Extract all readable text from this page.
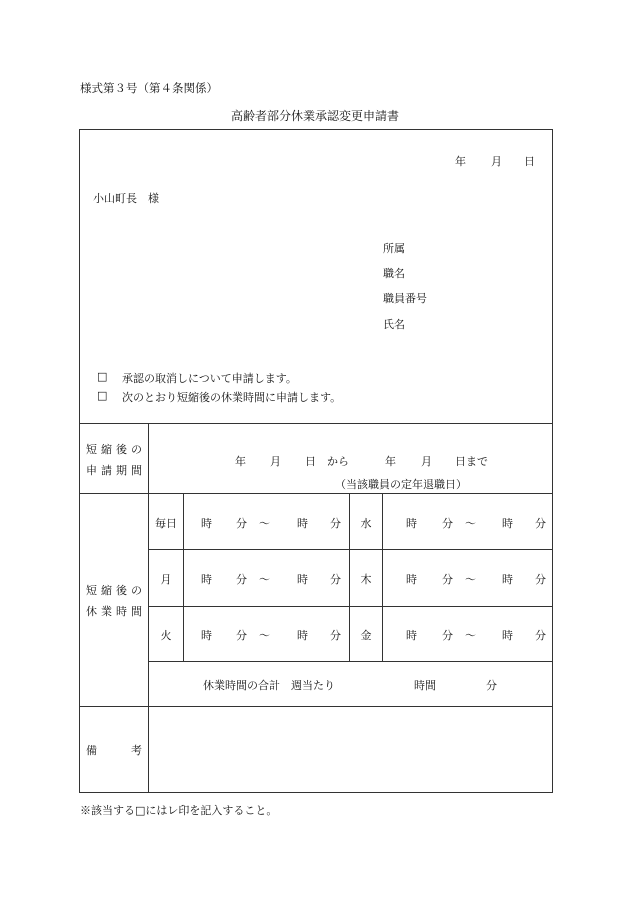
様式第３号（第４条関係）
高齢者部分休業承認変更申請書
年 月 日
小山町長　様
所属
職名
職員番号
氏名
□ 承認の取消しについて申請します。
□ 次のとおり短縮後の休業時間に申請します。
短縮後の
申請期間
年 月 日 から	年 月 日まで
（当該職員の定年退職日）
短縮後の
休業時間
毎日	時 分 ～ 時 分	水	時 分 ～ 時 分
月	時 分 ～ 時 分	木	時 分 ～ 時 分
火	時 分 ～ 時 分	金	時 分 ～ 時 分
休業時間の合計　週当たり	時間	分
備	考
※該当する□にはレ印を記入すること。
